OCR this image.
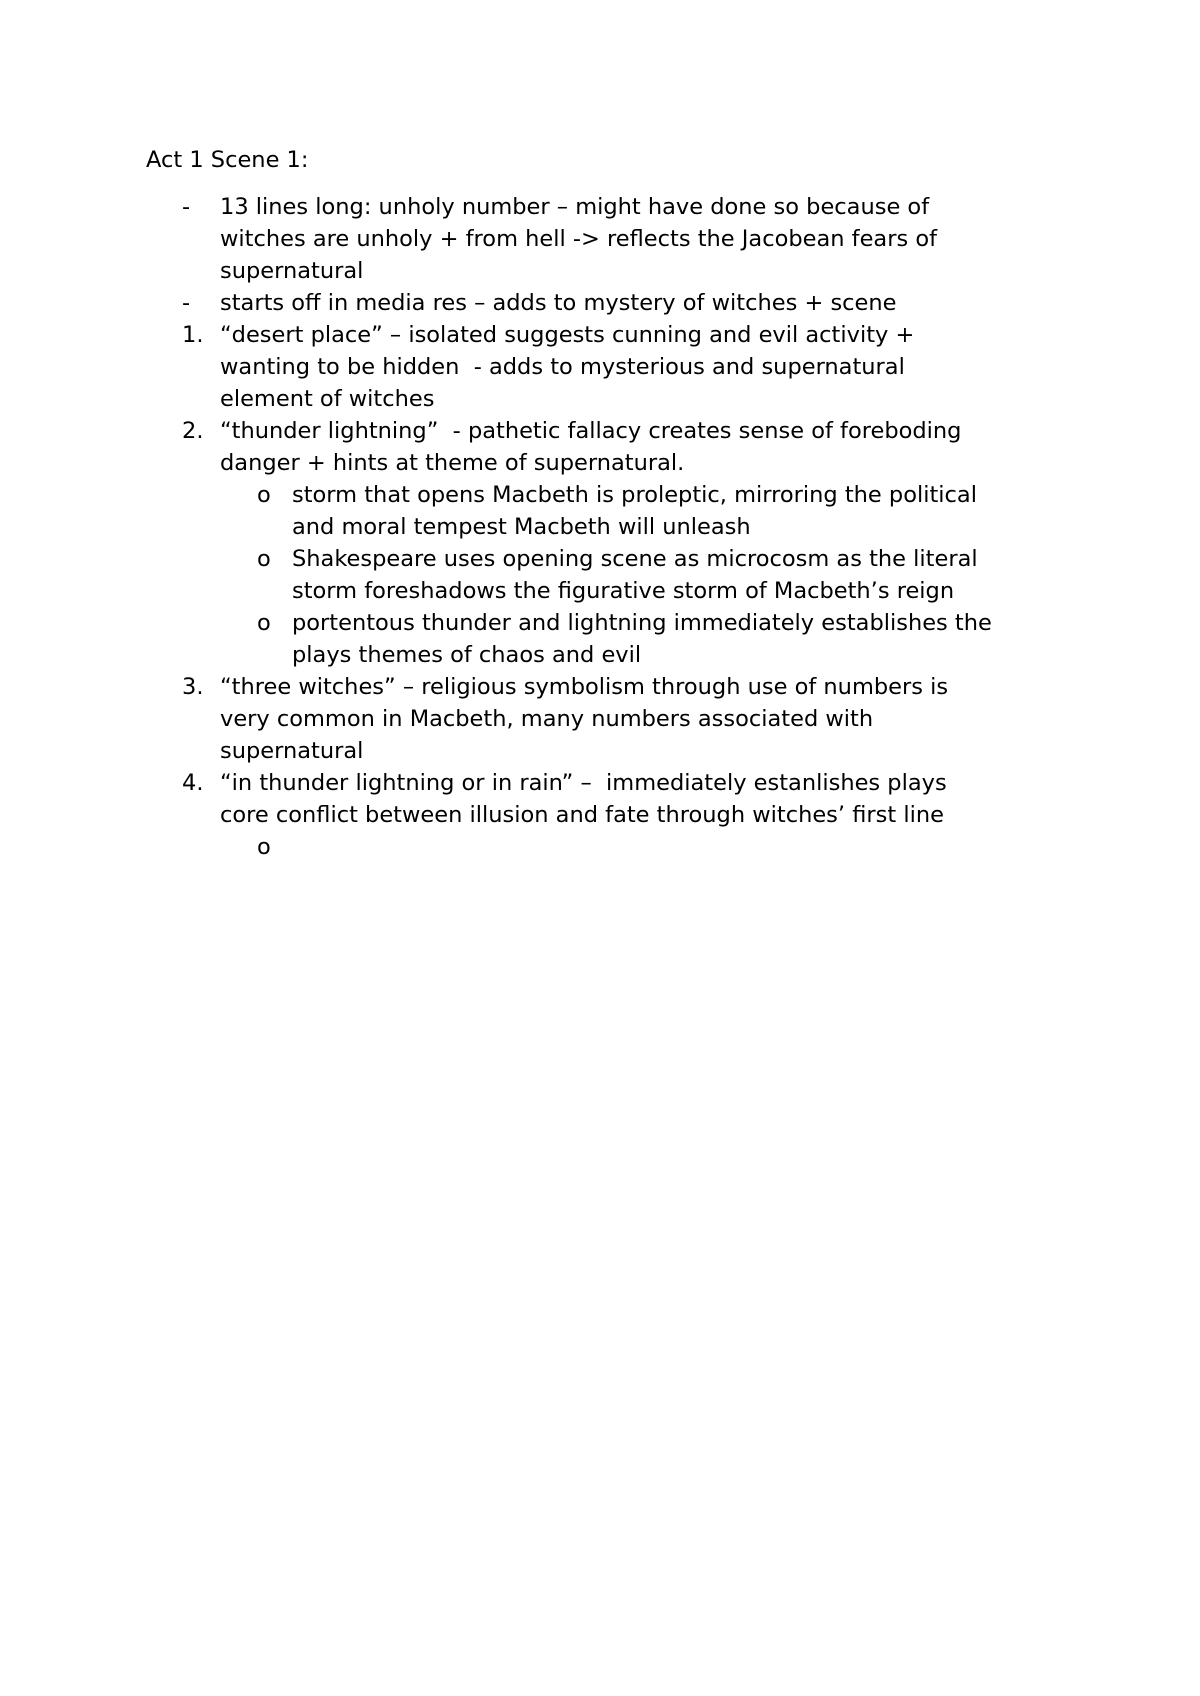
Act 1 Scene 1:
-	13 lines long: unholy number – might have done so because of witches are unholy + from hell -> reflects the Jacobean fears of supernatural
-	starts off in media res – adds to mystery of witches + scene
1. “desert place” – isolated suggests cunning and evil activity + wanting to be hidden  - adds to mysterious and supernatural element of witches
2. “thunder lightning”  - pathetic fallacy creates sense of foreboding danger + hints at theme of supernatural.
o storm that opens Macbeth is proleptic, mirroring the political and moral tempest Macbeth will unleash
o Shakespeare uses opening scene as microcosm as the literal storm foreshadows the figurative storm of Macbeth’s reign
o portentous thunder and lightning immediately establishes the plays themes of chaos and evil
3. “three witches” – religious symbolism through use of numbers is very common in Macbeth, many numbers associated with supernatural
4. “in thunder lightning or in rain” –  immediately estanlishes plays core conflict between illusion and fate through witches’ first line
o
